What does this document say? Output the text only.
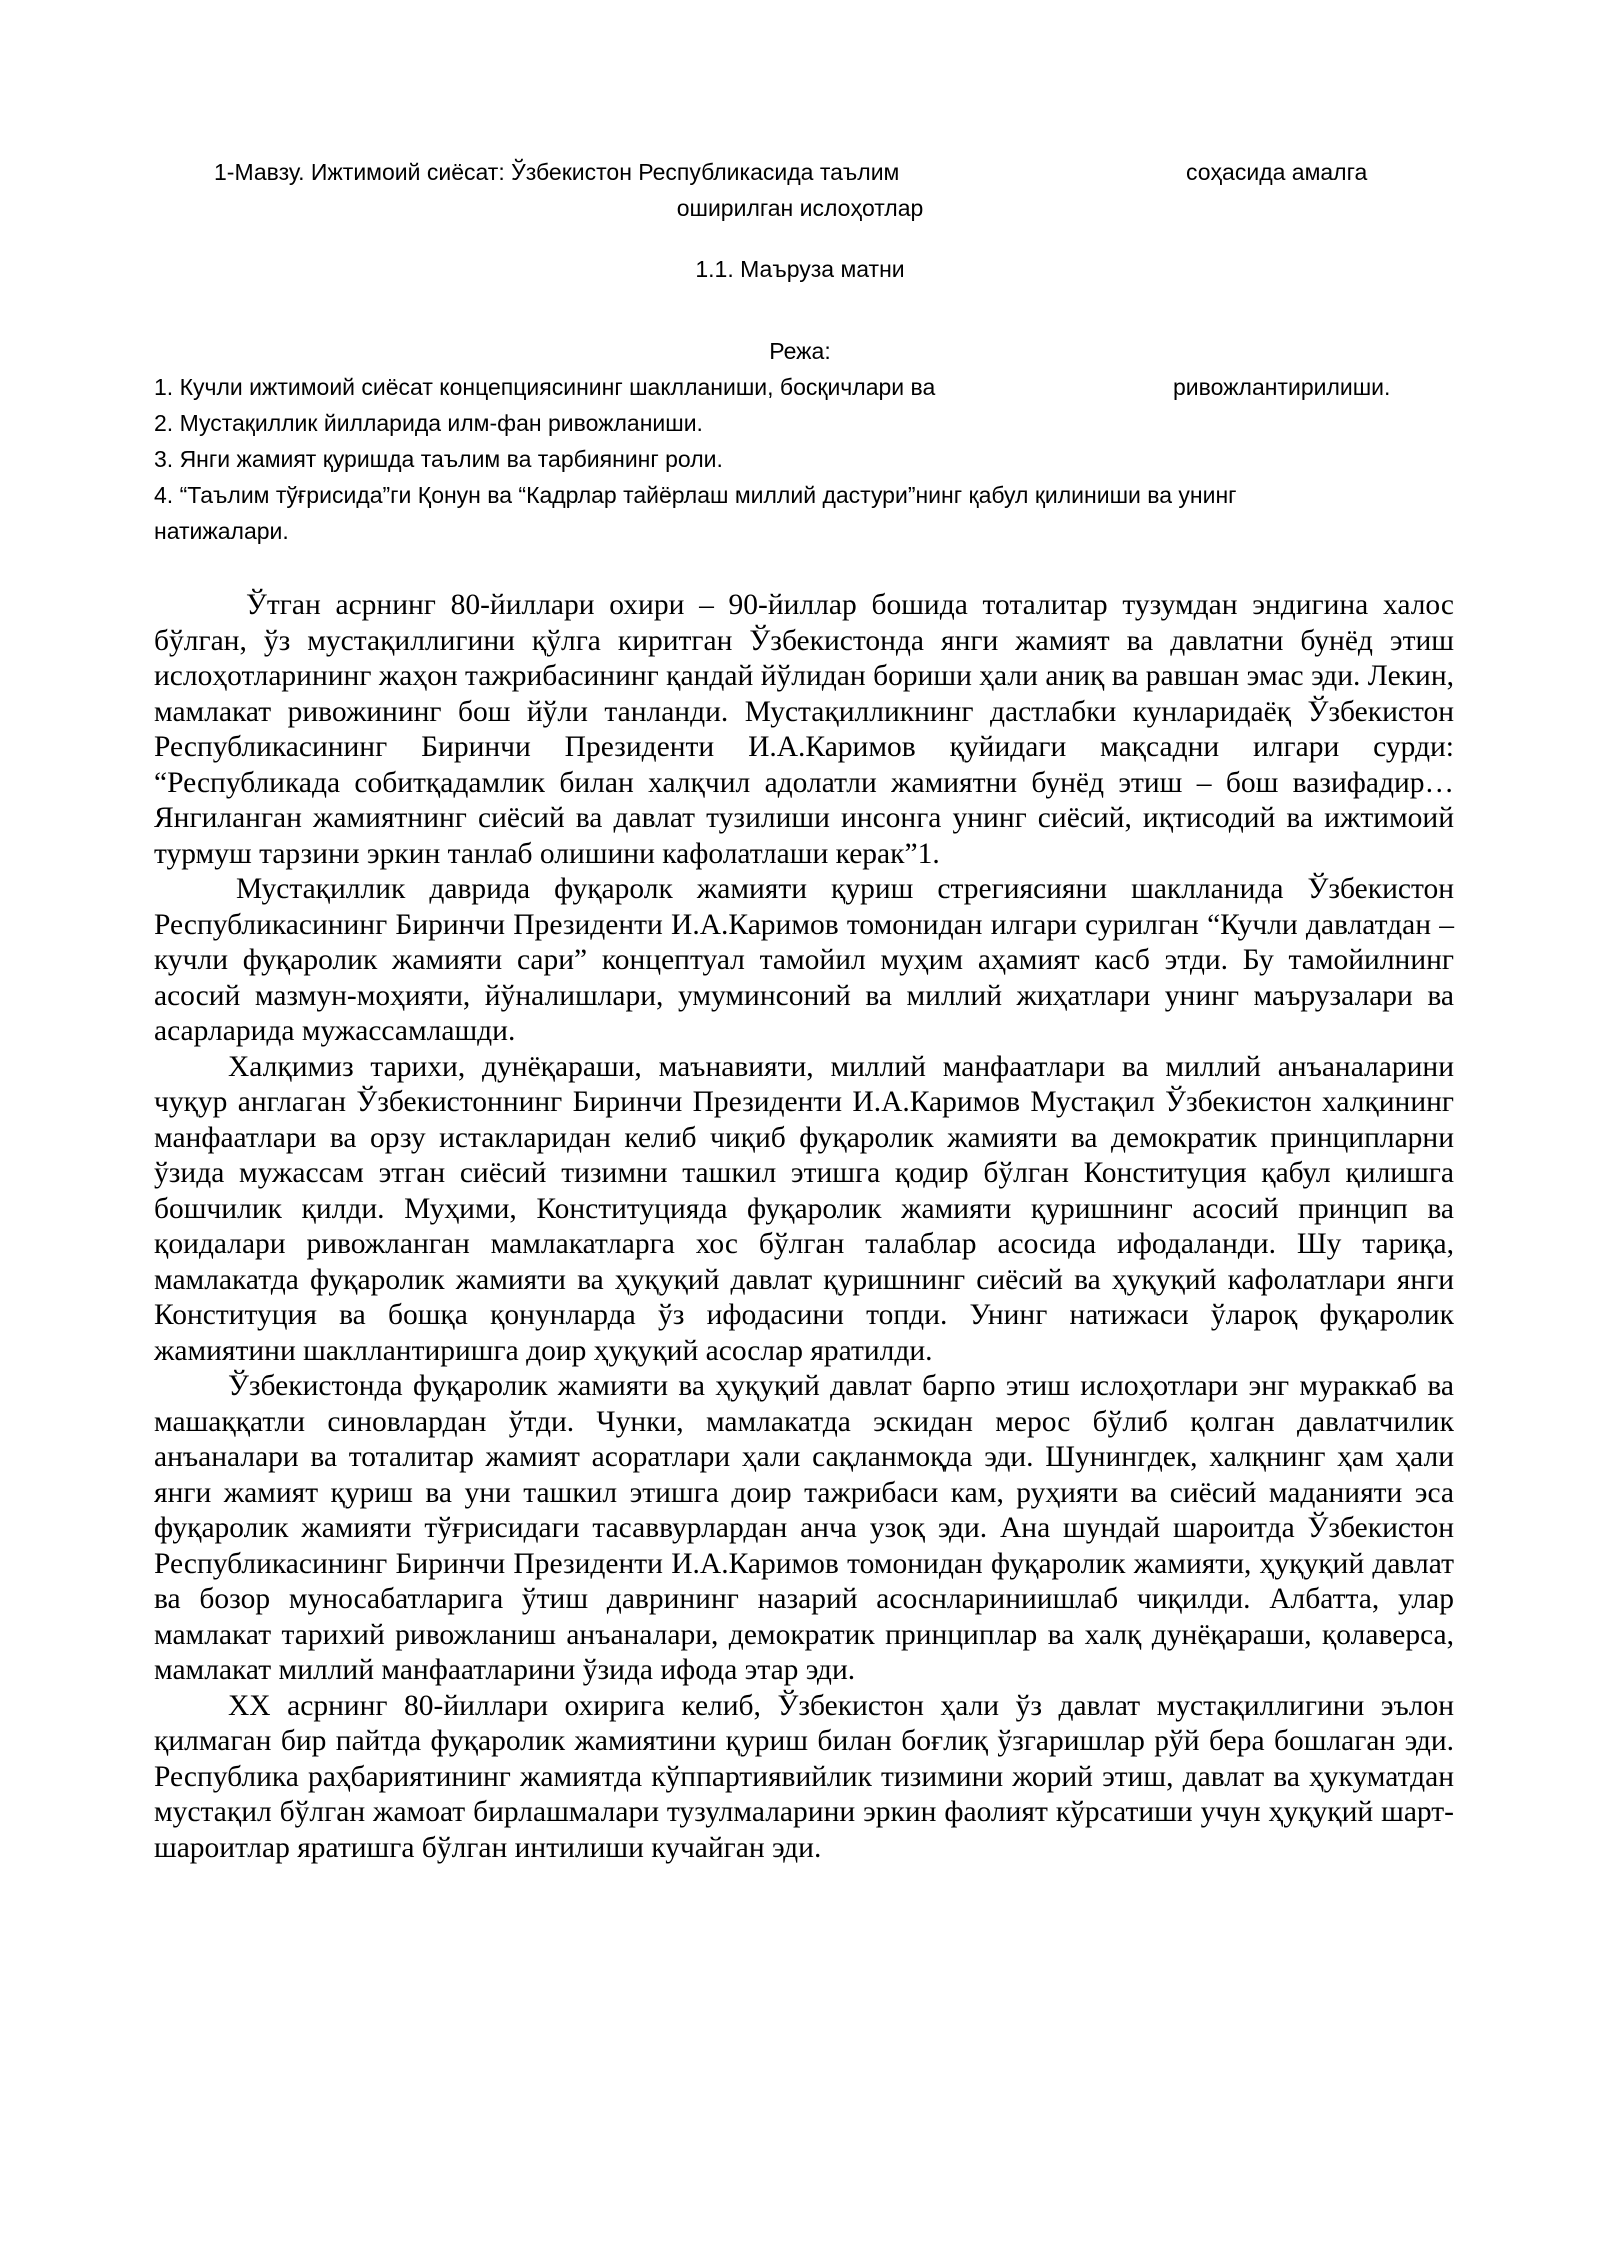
1-Мавзу. Ижтимоий сиёсат: Ўзбекистон Республикасида таълим	соҳасида амалга
оширилган ислоҳотлар
1.1. Маъруза матни
Режа:
1. Кучли ижтимоий сиёсат концепциясининг шаклланиши, босқичлари ва	ривожлантирилиши.
2. Мустақиллик йилларида илм-фан ривожланиши.
3. Янги жамият қуришда таълим ва тарбиянинг роли.
4. “Таълим тўғрисида”ги Қонун ва “Кадрлар тайёрлаш миллий дастури”нинг қабул қилиниши ва унинг
натижалари.

Ўтган асрнинг 80-йиллари охири – 90-йиллар бошида тоталитар тузумдан эндигина халос бўлган, ўз мустақиллигини қўлга киритган Ўзбекистонда янги жамият ва давлатни бунёд этиш ислоҳотларининг жаҳон тажрибасининг қандай йўлидан бориши ҳали аниқ ва равшан эмас эди. Лекин, мамлакат ривожининг бош йўли танланди. Мустақилликнинг дастлабки кунларидаёқ Ўзбекистон Республикасининг Биринчи Президенти И.А.Каримов қуйидаги мақсадни илгари сурди: “Республикада собитқадамлик билан халқчил адолатли жамиятни бунёд этиш – бош вазифадир… Янгиланган жамиятнинг сиёсий ва давлат тузилиши инсонга унинг сиёсий, иқтисодий ва ижтимоий турмуш тарзини эркин танлаб олишини кафолатлаши керак”1.

Мустақиллик даврида фуқаролк жамияти қуриш стрегиясияни шаклланида Ўзбекистон Республикасининг Биринчи Президенти И.А.Каримов томонидан илгари сурилган “Кучли давлатдан – кучли фуқаролик жамияти сари” концептуал тамойил муҳим аҳамият касб этди. Бу тамойилнинг асосий мазмун-моҳияти, йўналишлари, умуминсоний ва миллий жиҳатлари унинг маърузалари ва асарларида мужассамлашди.

Халқимиз тарихи, дунёқараши, маънавияти, миллий манфаатлари ва миллий анъаналарини чуқур англаган Ўзбекистоннинг Биринчи Президенти И.А.Каримов Мустақил Ўзбекистон халқининг манфаатлари ва орзу истакларидан келиб чиқиб фуқаролик жамияти ва демократик принципларни ўзида мужассам этган сиёсий тизимни ташкил этишга қодир бўлган Конституция қабул қилишга бошчилик қилди. Муҳими, Конституцияда фуқаролик жамияти қуришнинг асосий принцип ва қоидалари ривожланган мамлакатларга хос бўлган талаблар асосида ифодаланди. Шу тариқа, мамлакатда фуқаролик жамияти ва ҳуқуқий давлат қуришнинг сиёсий ва ҳуқуқий кафолатлари янги Конституция ва бошқа қонунларда ўз ифодасини топди. Унинг натижаси ўлароқ фуқаролик жамиятини шакллантиришга доир ҳуқуқий асослар яратилди.

Ўзбекистонда фуқаролик жамияти ва ҳуқуқий давлат барпо этиш ислоҳотлари энг мураккаб ва машаққатли синовлардан ўтди. Чунки, мамлакатда эскидан мерос бўлиб қолган давлатчилик анъаналари ва тоталитар жамият асоратлари ҳали сақланмоқда эди. Шунингдек, халқнинг ҳам ҳали янги жамият қуриш ва уни ташкил этишга доир тажрибаси кам, руҳияти ва сиёсий маданияти эса фуқаролик жамияти тўғрисидаги тасаввурлардан анча узоқ эди. Ана шундай шароитда Ўзбекистон Республикасининг Биринчи Президенти И.А.Каримов томонидан фуқаролик жамияти, ҳуқуқий давлат ва бозор муносабатларига ўтиш даврининг назарий асоснлариниишлаб чиқилди. Албатта, улар мамлакат тарихий ривожланиш анъаналари, демократик принциплар ва халқ дунёқараши, қолаверса, мамлакат миллий манфаатларини ўзида ифода этар эди.

ХХ асрнинг 80-йиллари охирига келиб, Ўзбекистон ҳали ўз давлат мустақиллигини эълон қилмаган бир пайтда фуқаролик жамиятини қуриш билан боғлиқ ўзгаришлар рўй бера бошлаган эди. Республика раҳбариятининг жамиятда кўппартиявийлик тизимини жорий этиш, давлат ва ҳукуматдан мустақил бўлган жамоат бирлашмалари тузулмаларини эркин фаолият кўрсатиши учун ҳуқуқий шарт-шароитлар яратишга бўлган интилиши кучайган эди.
